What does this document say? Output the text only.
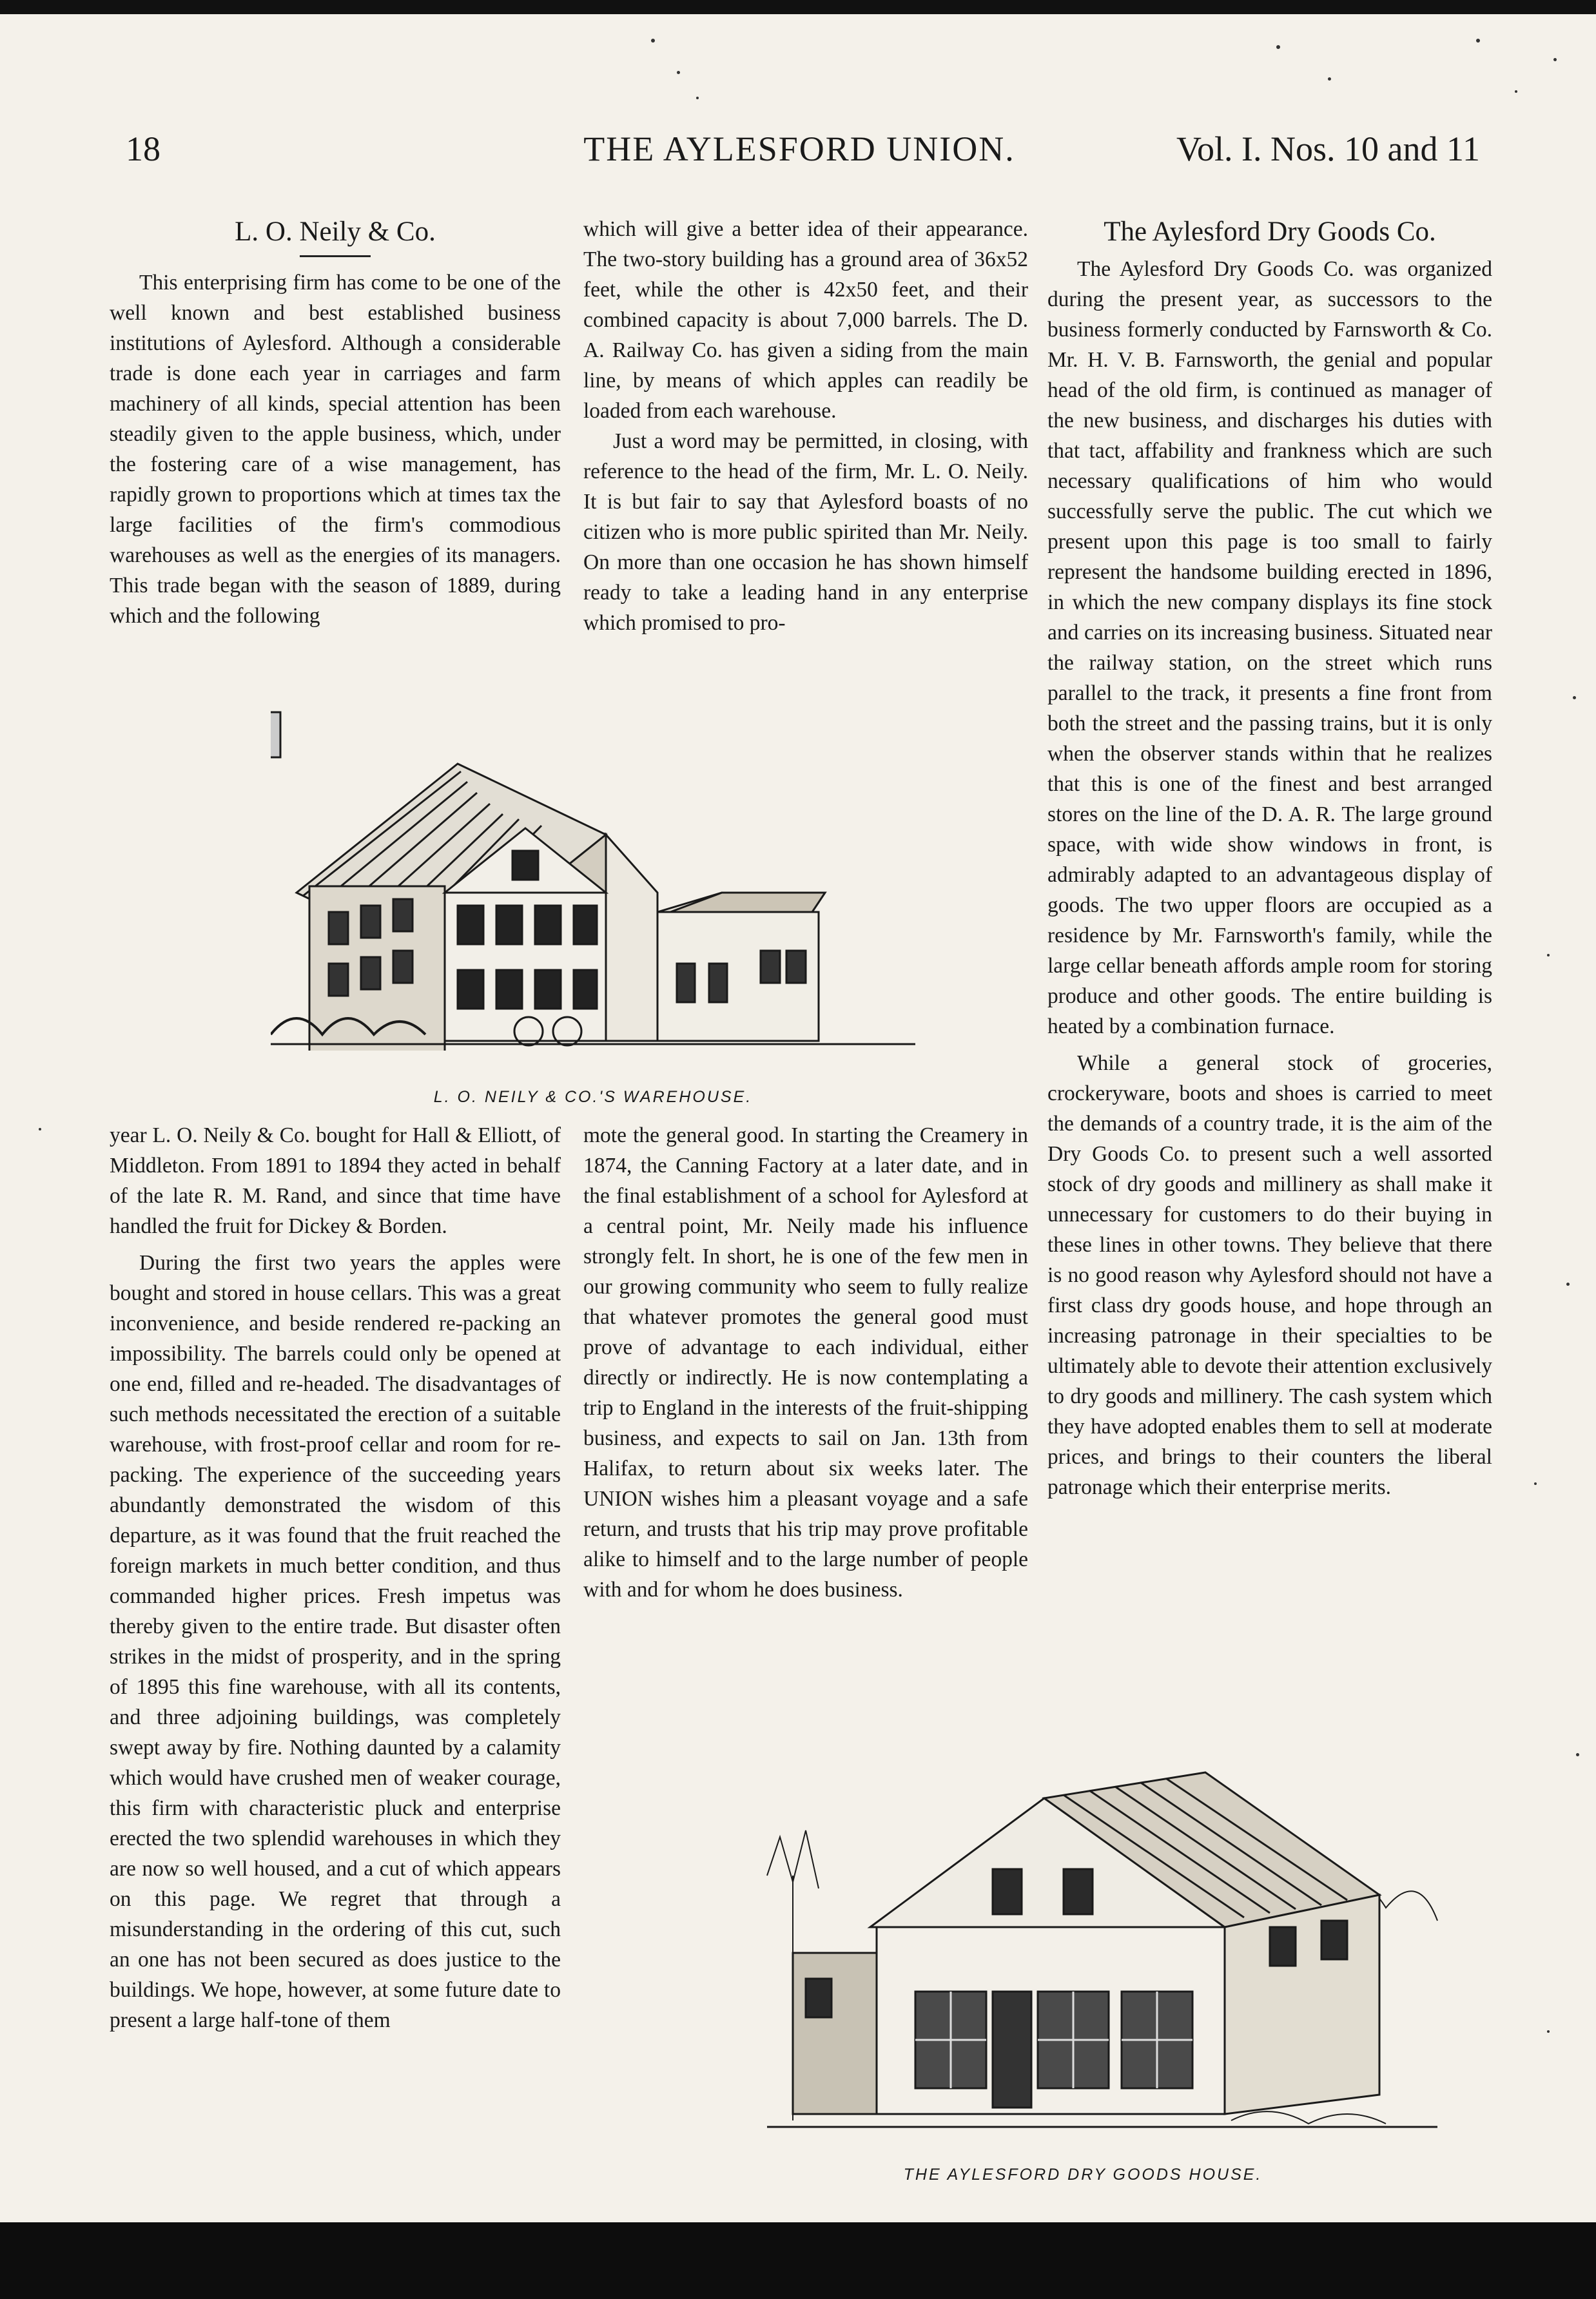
18	THE AYLESFORD UNION.	Vol. I. Nos. 10 and 11
L. O. Neily & Co.

This enterprising firm has come to be one of the well known and best established business institutions of Aylesford. Although a considerable trade is done each year in carriages and farm machinery of all kinds, special attention has been steadily given to the apple business, which, under the fostering care of a wise management, has rapidly grown to proportions which at times tax the large facilities of the firm's commodious warehouses as well as the energies of its managers. This trade began with the season of 1889, during which and the following

which will give a better idea of their appearance. The two-story building has a ground area of 36x52 feet, while the other is 42x50 feet, and their combined capacity is about 7,000 barrels. The D. A. Railway Co. has given a siding from the main line, by means of which apples can readily be loaded from each warehouse.

Just a word may be permitted, in closing, with reference to the head of the firm, Mr. L. O. Neily. It is but fair to say that Aylesford boasts of no citizen who is more public spirited than Mr. Neily. On more than one occasion he has shown himself ready to take a leading hand in any enterprise which promised to pro-

L. O. NEILY & CO.'S WAREHOUSE.

year L. O. Neily & Co. bought for Hall & Elliott, of Middleton. From 1891 to 1894 they acted in behalf of the late R. M. Rand, and since that time have handled the fruit for Dickey & Borden.

During the first two years the apples were bought and stored in house cellars. This was a great inconvenience, and beside rendered re-packing an impossibility. The barrels could only be opened at one end, filled and re-headed. The disadvantages of such methods necessitated the erection of a suitable warehouse, with frost-proof cellar and room for re-packing. The experience of the succeeding years abundantly demonstrated the wisdom of this departure, as it was found that the fruit reached the foreign markets in much better condition, and thus commanded higher prices. Fresh impetus was thereby given to the entire trade. But disaster often strikes in the midst of prosperity, and in the spring of 1895 this fine warehouse, with all its contents, and three adjoining buildings, was completely swept away by fire. Nothing daunted by a calamity which would have crushed men of weaker courage, this firm with characteristic pluck and enterprise erected the two splendid warehouses in which they are now so well housed, and a cut of which appears on this page. We regret that through a misunderstanding in the ordering of this cut, such an one has not been secured as does justice to the buildings. We hope, however, at some future date to present a large half-tone of them

mote the general good. In starting the Creamery in 1874, the Canning Factory at a later date, and in the final establishment of a school for Aylesford at a central point, Mr. Neily made his influence strongly felt. In short, he is one of the few men in our growing community who seem to fully realize that whatever promotes the general good must prove of advantage to each individual, either directly or indirectly. He is now contemplating a trip to England in the interests of the fruit-shipping business, and expects to sail on Jan. 13th from Halifax, to return about six weeks later. The UNION wishes him a pleasant voyage and a safe return, and trusts that his trip may prove profitable alike to himself and to the large number of people with and for whom he does business.

The Aylesford Dry Goods Co.

The Aylesford Dry Goods Co. was organized during the present year, as successors to the business formerly conducted by Farnsworth & Co. Mr. H. V. B. Farnsworth, the genial and popular head of the old firm, is continued as manager of the new business, and discharges his duties with that tact, affability and frankness which are such necessary qualifications of him who would successfully serve the public. The cut which we present upon this page is too small to fairly represent the handsome building erected in 1896, in which the new company displays its fine stock and carries on its increasing business. Situated near the railway station, on the street which runs parallel to the track, it presents a fine front from both the street and the passing trains, but it is only when the observer stands within that he realizes that this is one of the finest and best arranged stores on the line of the D. A. R. The large ground space, with wide show windows in front, is admirably adapted to an advantageous display of goods. The two upper floors are occupied as a residence by Mr. Farnsworth's family, while the large cellar beneath affords ample room for storing produce and other goods. The entire building is heated by a combination furnace.

While a general stock of groceries, crockeryware, boots and shoes is carried to meet the demands of a country trade, it is the aim of the Dry Goods Co. to present such a well assorted stock of dry goods and millinery as shall make it unnecessary for customers to do their buying in these lines in other towns. They believe that there is no good reason why Aylesford should not have a first class dry goods house, and hope through an increasing patronage in their specialties to be ultimately able to devote their attention exclusively to dry goods and millinery. The cash system which they have adopted enables them to sell at moderate prices, and brings to their counters the liberal patronage which their enterprise merits.

THE AYLESFORD DRY GOODS HOUSE.
